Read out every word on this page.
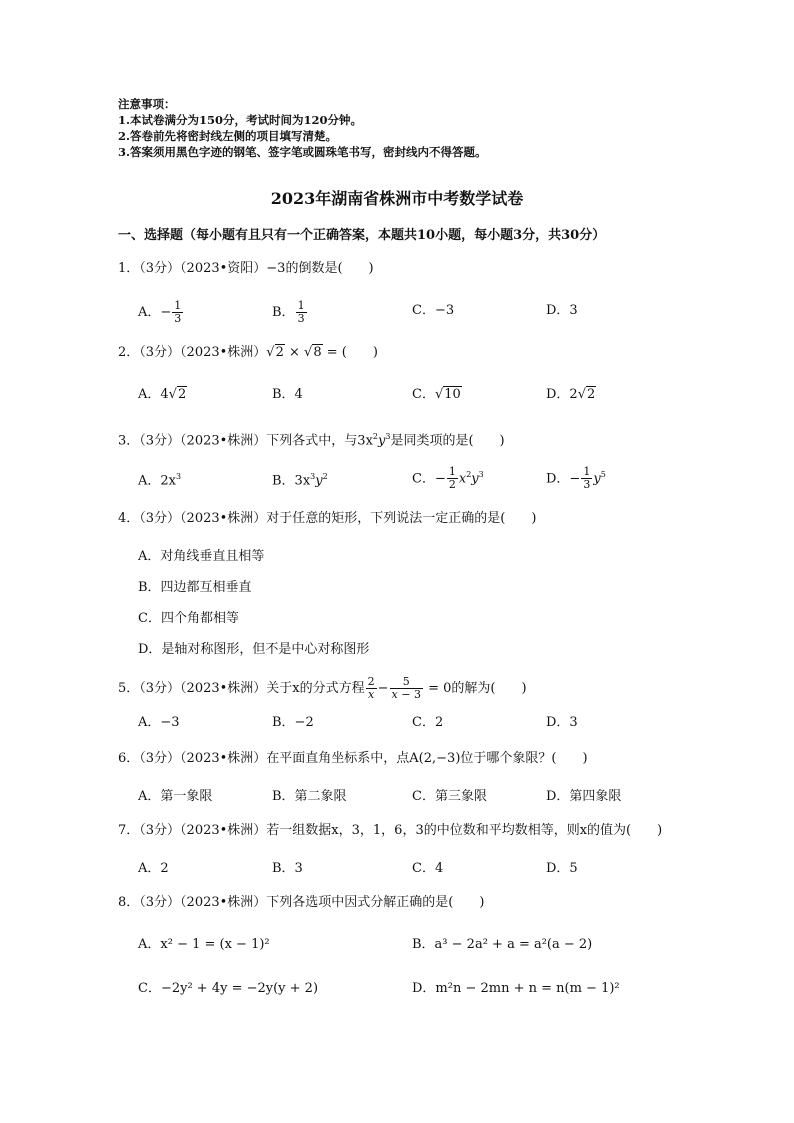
注意事项：
1.本试卷满分为150分，考试时间为120分钟。
2.答卷前先将密封线左侧的项目填写清楚。
3.答案须用黑色字迹的钢笔、签字笔或圆珠笔书写，密封线内不得答题。
2023年湖南省株洲市中考数学试卷
一、选择题（每小题有且只有一个正确答案，本题共10小题，每小题3分，共30分）
1．（3分）（2023•资阳）−3的倒数是(　　)
A．− $\frac{1}{3}$	B． $\frac{1}{3}$	C．−3	D．3
2．（3分）（2023•株洲）√2 × √8 = (　　)
A．4√2	B．4	C．√10	D．2√2
3．（3分）（2023•株洲）下列各式中，与$3x^2y^3$是同类项的是(　　)
A．$2x^3$	B．$3x^3y^2$	C．− $\frac{1}{2} x^2y^3$	D．− $\frac{1}{3} y^5$
4．（3分）（2023•株洲）对于任意的矩形，下列说法一定正确的是(　　)
A．对角线垂直且相等
B．四边都互相垂直
C．四个角都相等
D．是轴对称图形，但不是中心对称图形
5．（3分）（2023•株洲）关于x的分式方程 $\frac{2}{x} - \frac{5}{x - 3} = 0$的解为(　　)
A．−3	B．−2	C．2	D．3
6．（3分）（2023•株洲）在平面直角坐标系中，点A(2,−3)位于哪个象限？(　　)
A．第一象限	B．第二象限	C．第三象限	D．第四象限
7．（3分）（2023•株洲）若一组数据x，3，1，6，3的中位数和平均数相等，则x的值为(　　)
A．2	B．3	C．4	D．5
8．（3分）（2023•株洲）下列各选项中因式分解正确的是(　　)
A．x² − 1 = (x − 1)²	B．a³ − 2a² + a = a²(a − 2)
C．−2y² + 4y = −2y(y + 2)	D．m²n − 2mn + n = n(m − 1)²
